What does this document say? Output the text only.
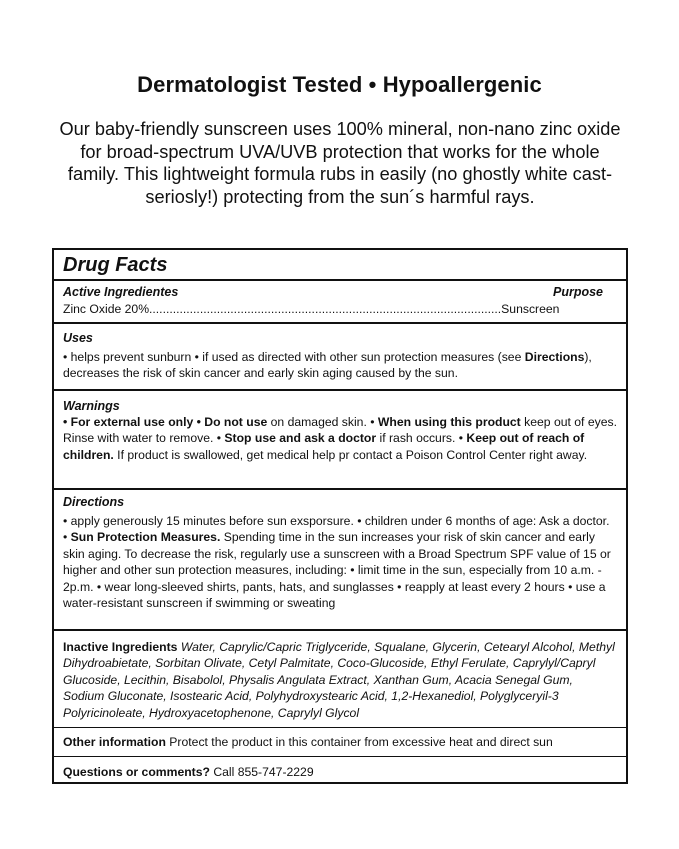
Dermatologist Tested • Hypoallergenic
Our baby-friendly sunscreen uses 100% mineral, non-nano zinc oxide for broad-spectrum UVA/UVB protection that works for the whole family. This lightweight formula rubs in easily (no ghostly white cast-seriosly!) protecting from the sun´s harmful rays.
Drug Facts
Active Ingredientes	Purpose
Zinc Oxide 20%........................................................................................................Sunscreen
Uses
• helps prevent sunburn • if used as directed with other sun protection measures (see Directions), decreases the risk of skin cancer and early skin aging caused by the sun.
Warnings
• For external use only • Do not use on damaged skin. • When using this product keep out of eyes. Rinse with water to remove. • Stop use and ask a doctor if rash occurs. • Keep out of reach of children. If product is swallowed, get medical help pr contact a Poison Control Center right away.
Directions
• apply generously 15 minutes before sun exsporsure. • children under 6 months of age: Ask a doctor. • Sun Protection Measures. Spending time in the sun increases your risk of skin cancer and early skin aging. To decrease the risk, regularly use a sunscreen with a Broad Spectrum SPF value of 15 or higher and other sun protection measures, including: • limit time in the sun, especially from 10 a.m. - 2p.m. • wear long-sleeved shirts, pants, hats, and sunglasses • reapply at least every 2 hours • use a water-resistant sunscreen if swimming or sweating
Inactive Ingredients Water, Caprylic/Capric Triglyceride, Squalane, Glycerin, Cetearyl Alcohol, Methyl Dihydroabietate, Sorbitan Olivate, Cetyl Palmitate, Coco-Glucoside, Ethyl Ferulate, Caprylyl/Capryl Glucoside, Lecithin, Bisabolol, Physalis Angulata Extract, Xanthan Gum, Acacia Senegal Gum, Sodium Gluconate, Isostearic Acid, Polyhydroxystearic Acid, 1,2-Hexanediol, Polyglyceryil-3 Polyricinoleate, Hydroxyacetophenone, Caprylyl Glycol
Other information Protect the product in this container from excessive heat and direct sun
Questions or comments? Call 855-747-2229
